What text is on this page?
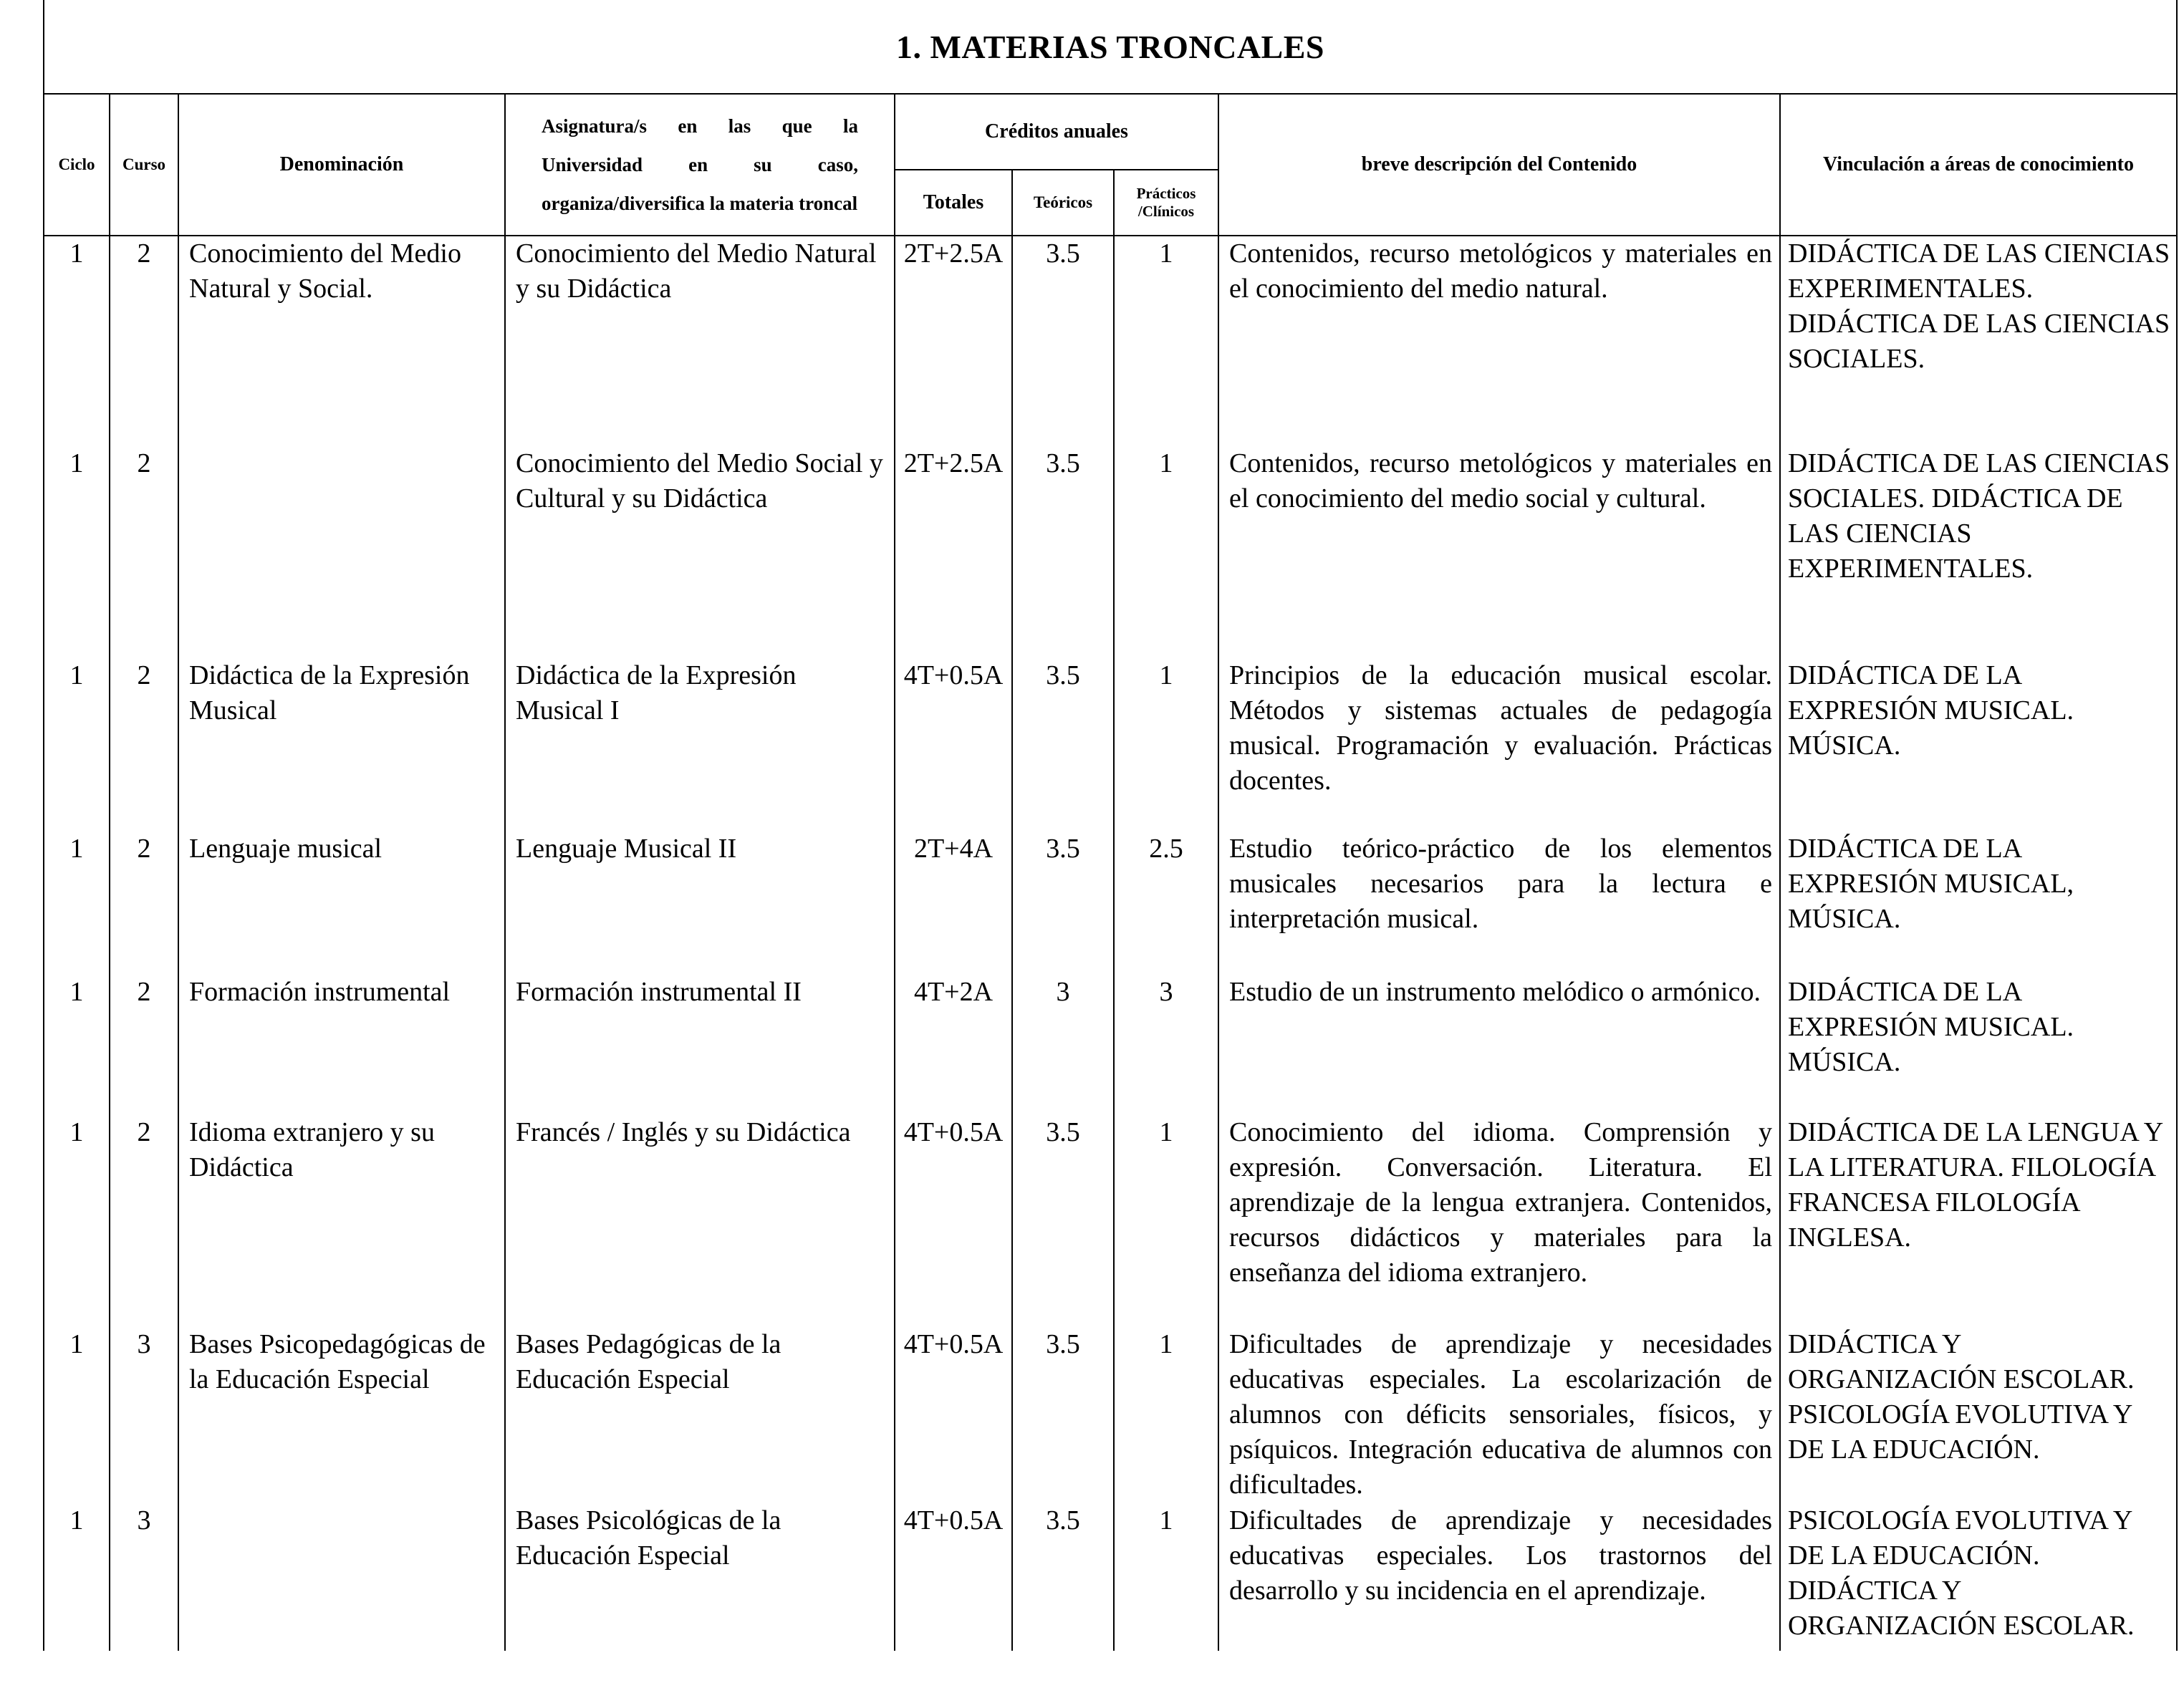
1. MATERIAS TRONCALES
Ciclo	Curso	Denominación	Asignatura/s en las que la Universidad en su caso, organiza/diversifica la materia troncal	Créditos anuales			breve descripción del Contenido	Vinculación a áreas de conocimiento
				Totales	Teóricos	Prácticos /Clínicos		
1	2	Conocimiento del Medio Natural y Social.	Conocimiento del Medio Natural y su Didáctica	2T+2.5A	3.5	1	Contenidos, recurso metológicos y materiales en el conocimiento del medio natural.	DIDÁCTICA DE LAS CIENCIAS EXPERIMENTALES. DIDÁCTICA DE LAS CIENCIAS SOCIALES.
1	2		Conocimiento del Medio Social y Cultural y su Didáctica	2T+2.5A	3.5	1	Contenidos, recurso metológicos y materiales en el conocimiento del medio social y cultural.	DIDÁCTICA DE LAS CIENCIAS SOCIALES. DIDÁCTICA DE LAS CIENCIAS EXPERIMENTALES.
1	2	Didáctica de la Expresión Musical	Didáctica de la Expresión Musical I	4T+0.5A	3.5	1	Principios de la educación musical escolar. Métodos y sistemas actuales de pedagogía musical. Programación y evaluación. Prácticas docentes.	DIDÁCTICA DE LA EXPRESIÓN MUSICAL. MÚSICA.
1	2	Lenguaje musical	Lenguaje Musical II	2T+4A	3.5	2.5	Estudio teórico-práctico de los elementos musicales necesarios para la lectura e interpretación musical.	DIDÁCTICA DE LA EXPRESIÓN MUSICAL, MÚSICA.
1	2	Formación instrumental	Formación instrumental II	4T+2A	3	3	Estudio de un instrumento melódico o armónico.	DIDÁCTICA DE LA EXPRESIÓN MUSICAL. MÚSICA.
1	2	Idioma extranjero y su Didáctica	Francés / Inglés y su Didáctica	4T+0.5A	3.5	1	Conocimiento del idioma. Comprensión y expresión. Conversación. Literatura. El aprendizaje de la lengua extranjera. Contenidos, recursos didácticos y materiales para la enseñanza del idioma extranjero.	DIDÁCTICA DE LA LENGUA Y LA LITERATURA. FILOLOGÍA FRANCESA FILOLOGÍA INGLESA.
1	3	Bases Psicopedagógicas de la Educación Especial	Bases Pedagógicas de la Educación Especial	4T+0.5A	3.5	1	Dificultades de aprendizaje y necesidades educativas especiales. La escolarización de alumnos con déficits sensoriales, físicos, y psíquicos. Integración educativa de alumnos con dificultades.	DIDÁCTICA Y ORGANIZACIÓN ESCOLAR. PSICOLOGÍA EVOLUTIVA Y DE LA EDUCACIÓN.
1	3		Bases Psicológicas de la Educación Especial	4T+0.5A	3.5	1	Dificultades de aprendizaje y necesidades educativas especiales. Los trastornos del desarrollo y su incidencia en el aprendizaje.	PSICOLOGÍA EVOLUTIVA Y DE LA EDUCACIÓN. DIDÁCTICA Y ORGANIZACIÓN ESCOLAR.
